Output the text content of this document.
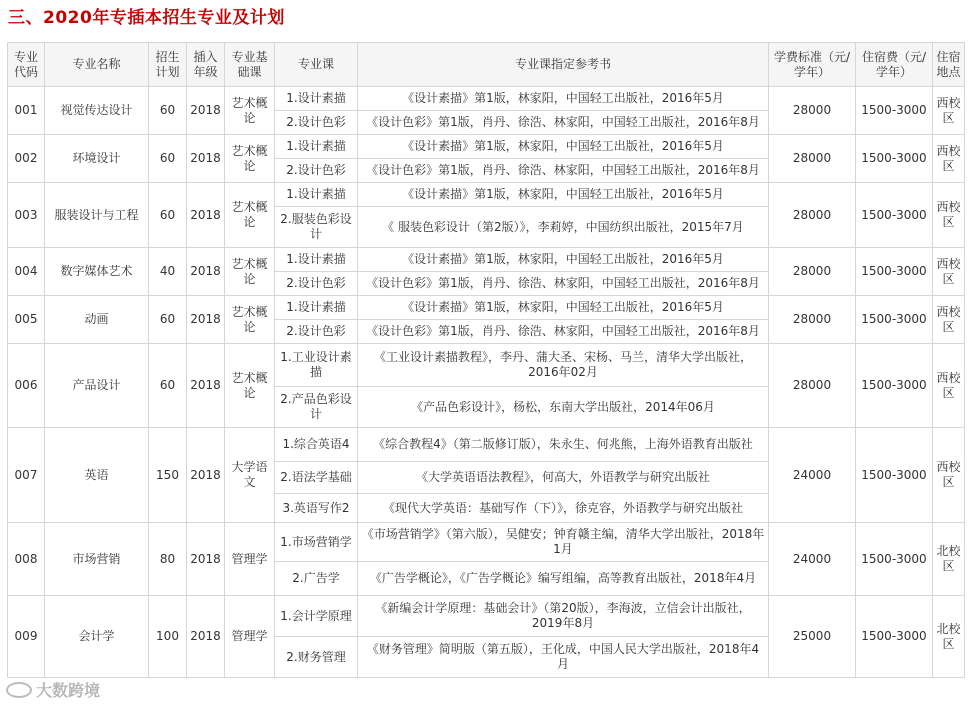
三、2020年专插本招生专业及计划
专业代码	专业名称	招生计划	插入年级	专业基础课	专业课	专业课指定参考书	学费标准（元/学年）	住宿费（元/学年）	住宿地点
001	视觉传达设计	60	2018	艺术概论	1.设计素描	《设计素描》第1版，林家阳，中国轻工出版社，2016年5月	28000	1500-3000	西校区
					2.设计色彩	《设计色彩》第1版，肖丹、徐浩、林家阳，中国轻工出版社，2016年8月			
002	环境设计	60	2018	艺术概论	1.设计素描	《设计素描》第1版，林家阳，中国轻工出版社，2016年5月	28000	1500-3000	西校区
					2.设计色彩	《设计色彩》第1版，肖丹、徐浩、林家阳，中国轻工出版社，2016年8月			
003	服装设计与工程	60	2018	艺术概论	1.设计素描	《设计素描》第1版，林家阳，中国轻工出版社，2016年5月	28000	1500-3000	西校区
					2.服装色彩设计	《 服装色彩设计（第2版）》，李莉婷，中国纺织出版社，2015年7月			
004	数字媒体艺术	40	2018	艺术概论	1.设计素描	《设计素描》第1版，林家阳，中国轻工出版社，2016年5月	28000	1500-3000	西校区
					2.设计色彩	《设计色彩》第1版，肖丹、徐浩、林家阳，中国轻工出版社，2016年8月			
005	动画	60	2018	艺术概论	1.设计素描	《设计素描》第1版，林家阳，中国轻工出版社，2016年5月	28000	1500-3000	西校区
					2.设计色彩	《设计色彩》第1版，肖丹、徐浩、林家阳，中国轻工出版社，2016年8月			
006	产品设计	60	2018	艺术概论	1.工业设计素描	《工业设计素描教程》，李丹、蒲大圣、宋杨、马兰，清华大学出版社，2016年02月	28000	1500-3000	西校区
					2.产品色彩设计	《产品色彩设计》，杨松，东南大学出版社，2014年06月			
007	英语	150	2018	大学语文	1.综合英语4	《综合教程4》（第二版修订版），朱永生、何兆熊，上海外语教育出版社	24000	1500-3000	西校区
					2.语法学基础	《大学英语语法教程》，何高大，外语教学与研究出版社			
					3.英语写作2	《现代大学英语：基础写作（下）》，徐克容，外语教学与研究出版社			
008	市场营销	80	2018	管理学	1.市场营销学	《市场营销学》（第六版），吴健安；钟育赣主编，清华大学出版社，2018年1月	24000	1500-3000	北校区
					2.广告学	《广告学概论》，《广告学概论》编写组编，高等教育出版社，2018年4月			
009	会计学	100	2018	管理学	1.会计学原理	《新编会计学原理：基础会计》（第20版），李海波，立信会计出版社，2019年8月	25000	1500-3000	北校区
					2.财务管理	《财务管理》简明版（第五版），王化成，中国人民大学出版社，2018年4月			
大数跨境
